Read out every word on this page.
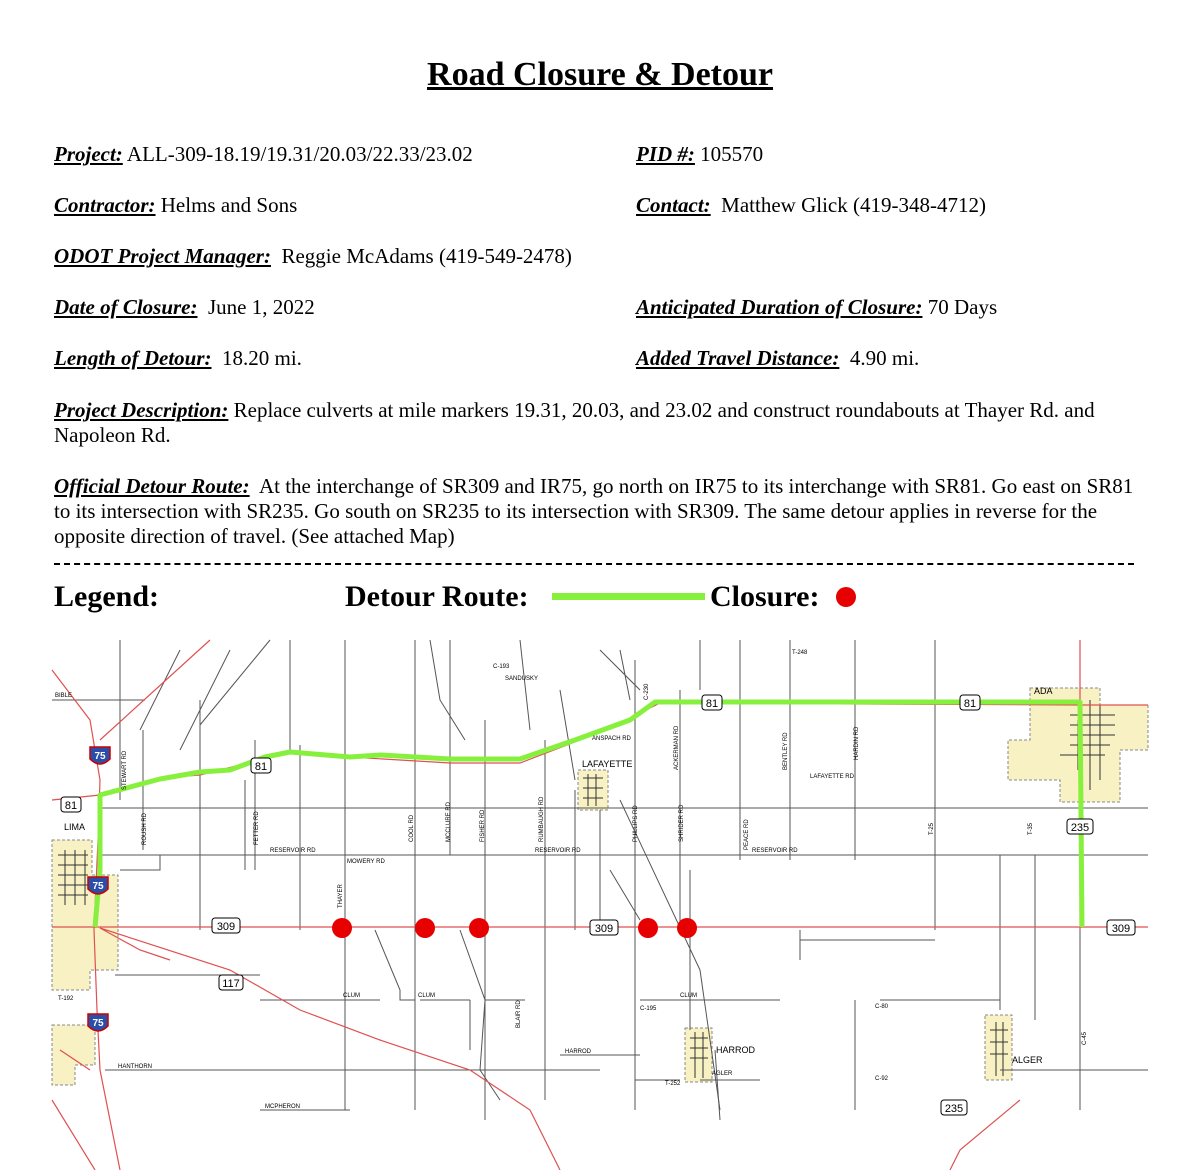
Road Closure & Detour
Project: ALL-309-18.19/19.31/20.03/22.33/23.02	PID #: 105570
Contractor: Helms and Sons	Contact: Matthew Glick (419-348-4712)
ODOT Project Manager: Reggie McAdams (419-549-2478)
Date of Closure: June 1, 2022	Anticipated Duration of Closure: 70 Days
Length of Detour: 18.20 mi.	Added Travel Distance: 4.90 mi.
Project Description: Replace culverts at mile markers 19.31, 20.03, and 23.02 and construct roundabouts at Thayer Rd. and Napoleon Rd.
Official Detour Route: At the interchange of SR309 and IR75, go north on IR75 to its interchange with SR81. Go east on SR81 to its intersection with SR235. Go south on SR235 to its intersection with SR309. The same detour applies in reverse for the opposite direction of travel. (See attached Map)
Legend:	Detour Route:	Closure:
75
75
75
81
81
81	81
309	309	309
235
235
117
LIMA
LAFAYETTE
ADA
HARROD
ALGER
RESERVOIR RD	RESERVOIR RD	RESERVOIR RD
LAFAYETTE RD
ANSPACH RD
HANTHORN
MCPHERON
CLUM	CLUM	CLUM
HARROD
MOWERY RD
BIBLE
SANDUSKY
C-80
C-92
C-195
C-193
T-248
T-252
T-192
AGLER
THAYER
COOL RD	MCCLURE RD	FISHER RD	RUMBAUGH RD	PHILLIPS RD	SHRIDER RD	PEACE RD
ROUSH RD	FETTER RD
STEWART RD	BENTLEY RD	HARDIN RD
ACKERMAN RD
BLAIR RD
T-35
T-25
C-45
C-230
